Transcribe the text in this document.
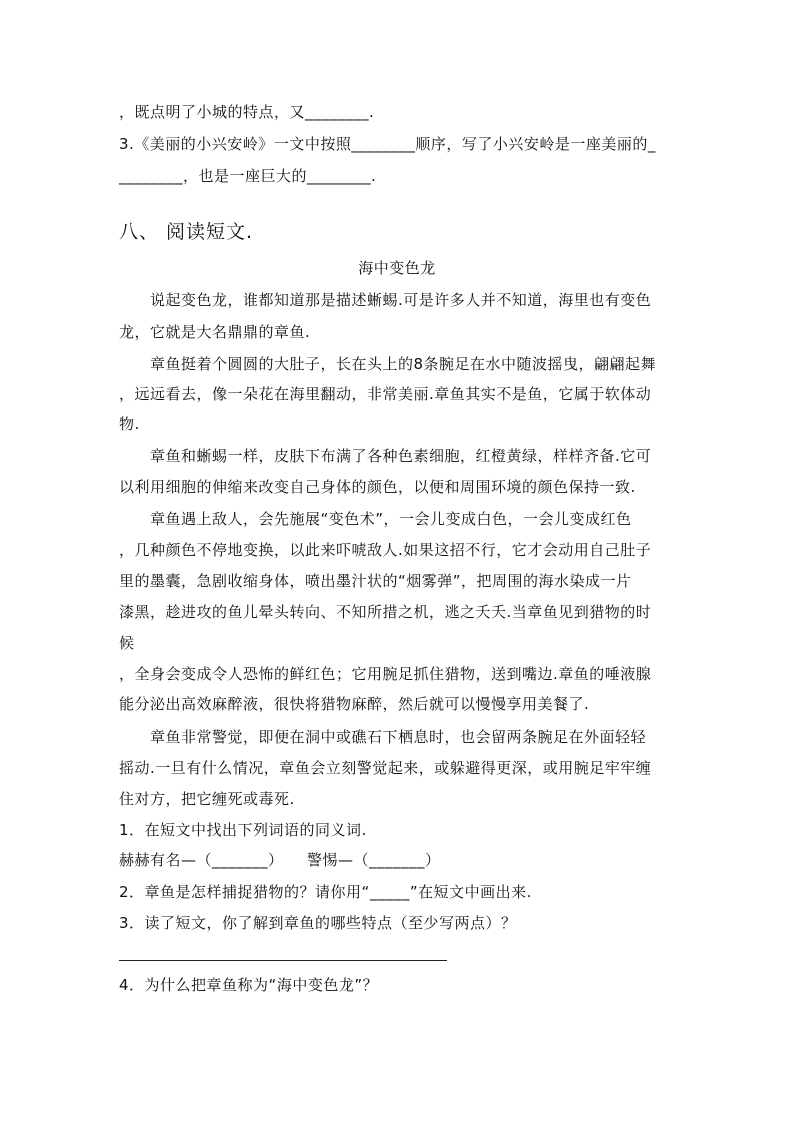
，既点明了小城的特点，又________.
3.《美丽的小兴安岭》一文中按照________顺序，写了小兴安岭是一座美丽的_
________，也是一座巨大的________.
八、 阅读短文.
海中变色龙
　　说起变色龙，谁都知道那是描述蜥蜴.可是许多人并不知道，海里也有变色
龙，它就是大名鼎鼎的章鱼.
　　章鱼挺着个圆圆的大肚子，长在头上的8条腕足在水中随波摇曳，翩翩起舞
，远远看去，像一朵花在海里翻动，非常美丽.章鱼其实不是鱼，它属于软体动
物.
　　章鱼和蜥蜴一样，皮肤下布满了各种色素细胞，红橙黄绿，样样齐备.它可
以利用细胞的伸缩来改变自己身体的颜色，以便和周围环境的颜色保持一致.
　　章鱼遇上敌人，会先施展“变色术”，一会儿变成白色，一会儿变成红色
，几种颜色不停地变换，以此来吓唬敌人.如果这招不行，它才会动用自己肚子
里的墨囊，急剧收缩身体，喷出墨汁状的“烟雾弹”，把周围的海水染成一片
漆黑，趁进攻的鱼儿晕头转向、不知所措之机，逃之夭夭.当章鱼见到猎物的时
候
，全身会变成令人恐怖的鲜红色；它用腕足抓住猎物，送到嘴边.章鱼的唾液腺
能分泌出高效麻醉液，很快将猎物麻醉，然后就可以慢慢享用美餐了.
　　章鱼非常警觉，即便在洞中或礁石下栖息时，也会留两条腕足在外面轻轻
摇动.一旦有什么情况，章鱼会立刻警觉起来，或躲避得更深，或用腕足牢牢缠
住对方，把它缠死或毒死.
1．在短文中找出下列词语的同义词.
赫赫有名—（_______）　　警惕—（_______）
2．章鱼是怎样捕捉猎物的？请你用“_____”在短文中画出来.
3．读了短文，你了解到章鱼的哪些特点（至少写两点）？
4．为什么把章鱼称为“海中变色龙”？
